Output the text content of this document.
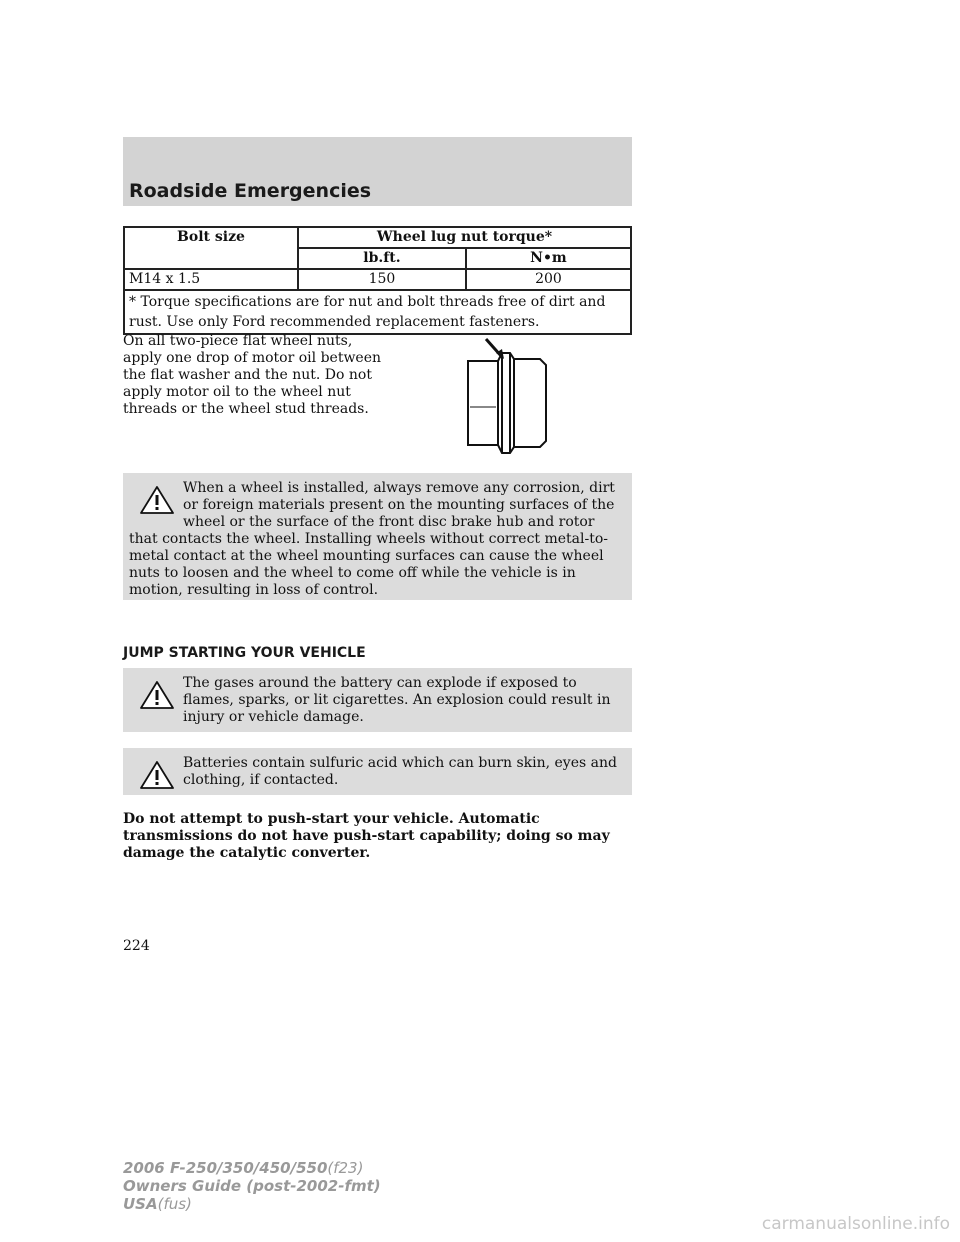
Roadside Emergencies
Bolt size	Wheel lug nut torque*	
	lb.ft.	N•m
M14 x 1.5	150	200
* Torque specifications are for nut and bolt threads free of dirt and rust. Use only Ford recommended replacement fasteners.		
On all two-piece flat wheel nuts, apply one drop of motor oil between the flat washer and the nut. Do not apply motor oil to the wheel nut threads or the wheel stud threads.
When a wheel is installed, always remove any corrosion, dirt or foreign materials present on the mounting surfaces of the wheel or the surface of the front disc brake hub and rotor that contacts the wheel. Installing wheels without correct metal-to-metal contact at the wheel mounting surfaces can cause the wheel nuts to loosen and the wheel to come off while the vehicle is in motion, resulting in loss of control.
JUMP STARTING YOUR VEHICLE
The gases around the battery can explode if exposed to flames, sparks, or lit cigarettes. An explosion could result in injury or vehicle damage.
Batteries contain sulfuric acid which can burn skin, eyes and clothing, if contacted.
Do not attempt to push-start your vehicle. Automatic transmissions do not have push-start capability; doing so may damage the catalytic converter.
224
2006 F-250/350/450/550(f23)
Owners Guide (post-2002-fmt)
USA(fus)
carmanualsonline.info
